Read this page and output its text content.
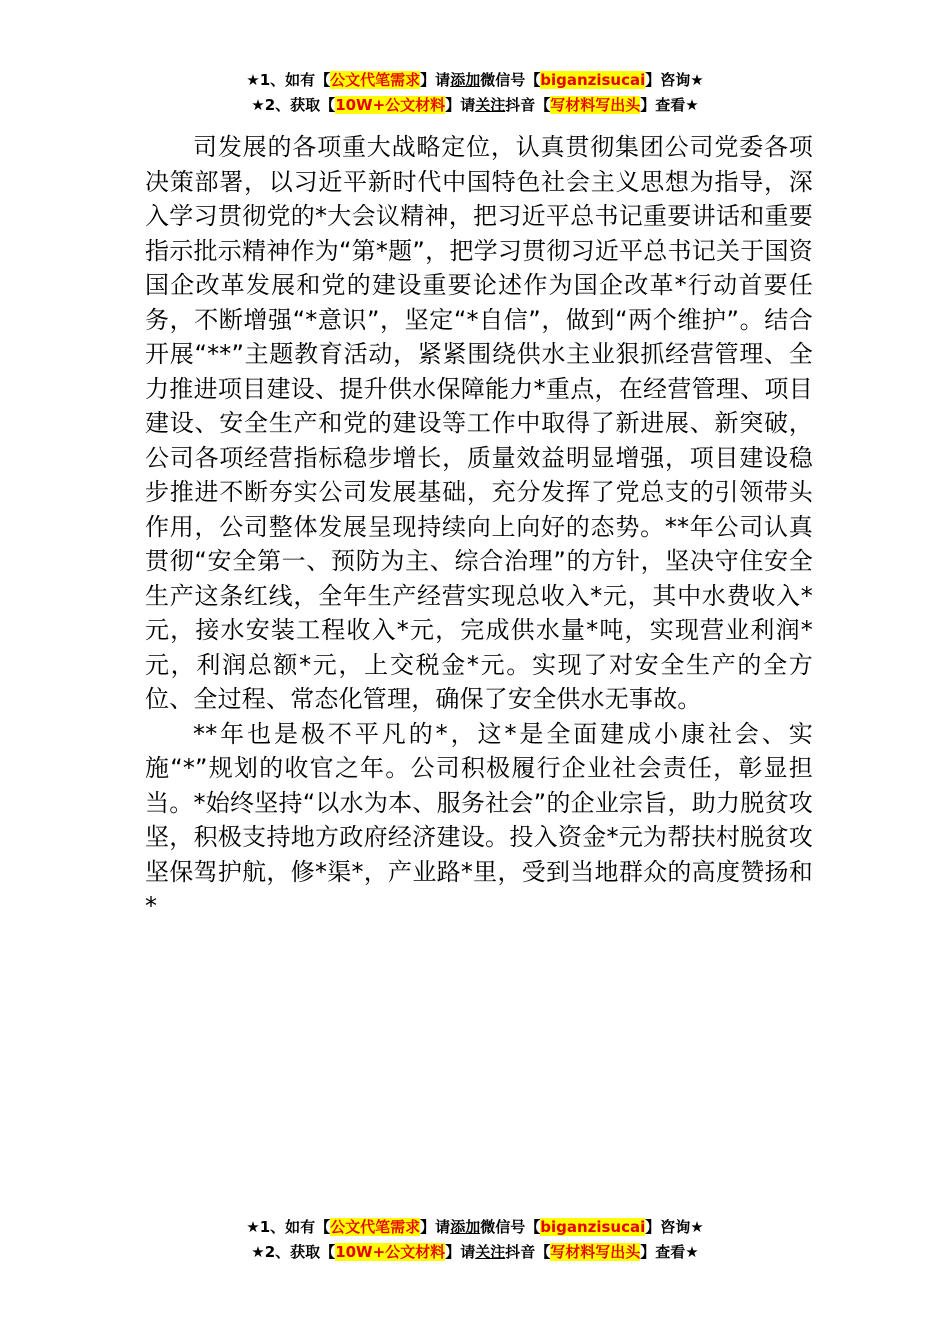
★1、如有【公文代笔需求】请添加微信号【biganzisucai】咨询★
★2、获取【10W+公文材料】请关注抖音【写材料写出头】查看★

司发展的各项重大战略定位，认真贯彻集团公司党委各项决策部署，以习近平新时代中国特色社会主义思想为指导，深入学习贯彻党的*大会议精神，把习近平总书记重要讲话和重要指示批示精神作为“第*题”，把学习贯彻习近平总书记关于国资国企改革发展和党的建设重要论述作为国企改革*行动首要任务，不断增强“*意识”，坚定“*自信”，做到“两个维护”。结合开展“**”主题教育活动，紧紧围绕供水主业狠抓经营管理、全力推进项目建设、提升供水保障能力*重点，在经营管理、项目建设、安全生产和党的建设等工作中取得了新进展、新突破，公司各项经营指标稳步增长，质量效益明显增强，项目建设稳步推进不断夯实公司发展基础，充分发挥了党总支的引领带头作用，公司整体发展呈现持续向上向好的态势。**年公司认真贯彻“安全第一、预防为主、综合治理”的方针，坚决守住安全生产这条红线，全年生产经营实现总收入*元，其中水费收入*元，接水安装工程收入*元，完成供水量*吨，实现营业利润*元，利润总额*元，上交税金*元。实现了对安全生产的全方位、全过程、常态化管理，确保了安全供水无事故。

**年也是极不平凡的*，这*是全面建成小康社会、实施“*”规划的收官之年。公司积极履行企业社会责任，彰显担当。*始终坚持“以水为本、服务社会”的企业宗旨，助力脱贫攻坚，积极支持地方政府经济建设。投入资金*元为帮扶村脱贫攻坚保驾护航，修*渠*，产业路*里，受到当地群众的高度赞扬和*

★1、如有【公文代笔需求】请添加微信号【biganzisucai】咨询★
★2、获取【10W+公文材料】请关注抖音【写材料写出头】查看★
